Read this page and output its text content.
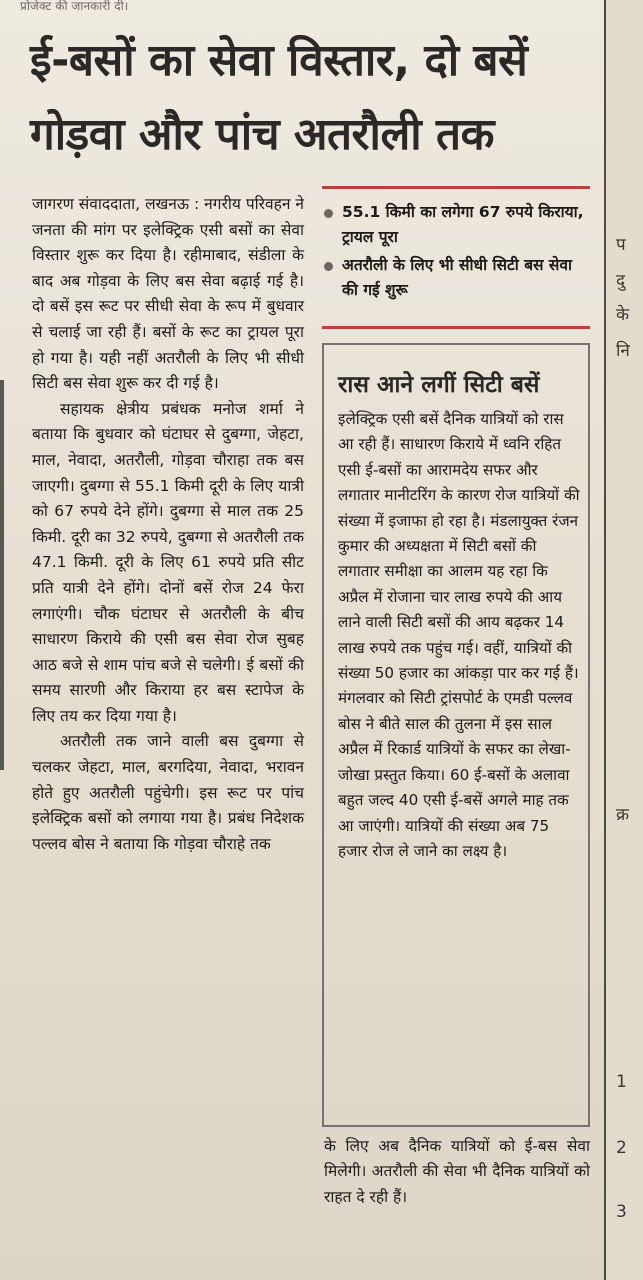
प
दु
के
नि
क्र
1
2
3
प्रोजेक्ट की जानकारी दी।
ई-बसों का सेवा विस्तार, दो बसें
गोड़वा और पांच अतरौली तक

जागरण संवाददाता, लखनऊ : नगरीय परिवहन ने जनता की मांग पर इलेक्ट्रिक एसी बसों का सेवा विस्तार शुरू कर दिया है। रहीमाबाद, संडीला के बाद अब गोड़वा के लिए बस सेवा बढ़ाई गई है। दो बसें इस रूट पर सीधी सेवा के रूप में बुधवार से चलाई जा रही हैं। बसों के रूट का ट्रायल पूरा हो गया है। यही नहीं अतरौली के लिए भी सीधी सिटी बस सेवा शुरू कर दी गई है।

सहायक क्षेत्रीय प्रबंधक मनोज शर्मा ने बताया कि बुधवार को घंटाघर से दुबग्गा, जेहटा, माल, नेवादा, अतरौली, गोड़वा चौराहा तक बस जाएगी। दुबग्गा से 55.1 किमी दूरी के लिए यात्री को 67 रुपये देने होंगे। दुबग्गा से माल तक 25 किमी. दूरी का 32 रुपये, दुबग्गा से अतरौली तक 47.1 किमी. दूरी के लिए 61 रुपये प्रति सीट प्रति यात्री देने होंगे। दोनों बसें रोज 24 फेरा लगाएंगी। चौक घंटाघर से अतरौली के बीच साधारण किराये की एसी बस सेवा रोज सुबह आठ बजे से शाम पांच बजे से चलेगी। ई बसों की समय सारणी और किराया हर बस स्टापेज के लिए तय कर दिया गया है।

अतरौली तक जाने वाली बस दुबग्गा से चलकर जेहटा, माल, बरगदिया, नेवादा, भरावन होते हुए अतरौली पहुंचेगी। इस रूट पर पांच इलेक्ट्रिक बसों को लगाया गया है। प्रबंध निदेशक पल्लव बोस ने बताया कि गोड़वा चौराहे तक

55.1 किमी का लगेगा 67 रुपये किराया, ट्रायल पूरा
अतरौली के लिए भी सीधी सिटी बस सेवा की गई शुरू
रास आने लगीं सिटी बसें
इलेक्ट्रिक एसी बसें दैनिक यात्रियों को रास आ रही हैं। साधारण किराये में ध्वनि रहित एसी ई-बसों का आरामदेय सफर और लगातार मानीटरिंग के कारण रोज यात्रियों की संख्या में इजाफा हो रहा है। मंडलायुक्त रंजन कुमार की अध्यक्षता में सिटी बसों की लगातार समीक्षा का आलम यह रहा कि अप्रैल में रोजाना चार लाख रुपये की आय लाने वाली सिटी बसों की आय बढ़कर 14 लाख रुपये तक पहुंच गई। वहीं, यात्रियों की संख्या 50 हजार का आंकड़ा पार कर गई हैं। मंगलवार को सिटी ट्रांसपोर्ट के एमडी पल्लव बोस ने बीते साल की तुलना में इस साल अप्रैल में रिकार्ड यात्रियों के सफर का लेखा-जोखा प्रस्तुत किया। 60 ई-बसों के अलावा बहुत जल्द 40 एसी ई-बसें अगले माह तक आ जाएंगी। यात्रियों की संख्या अब 75 हजार रोज ले जाने का लक्ष्य है।
के लिए अब दैनिक यात्रियों को ई-बस सेवा मिलेगी। अतरौली की सेवा भी दैनिक यात्रियों को राहत दे रही हैं।
